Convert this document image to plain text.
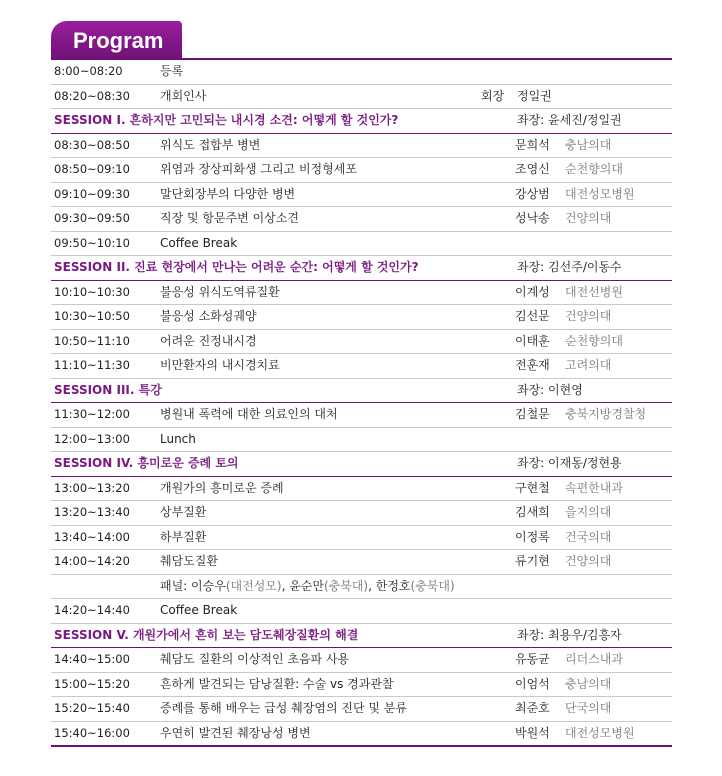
Program
8:00~08:20	등록
08:20~08:30	개회인사	회장 정일권
SESSION I. 흔하지만 고민되는 내시경 소견: 어떻게 할 것인가?	좌장: 윤세진/정일권
08:30~08:50	위식도 접합부 병변	문희석 충남의대
08:50~09:10	위염과 장상피화생 그리고 비정형세포	조영신 순천향의대
09:10~09:30	말단회장부의 다양한 병변	강상범 대전성모병원
09:30~09:50	직장 및 항문주변 이상소견	성낙송 건양의대
09:50~10:10	Coffee Break
SESSION II. 진료 현장에서 만나는 어려운 순간: 어떻게 할 것인가?	좌장: 김선주/이동수
10:10~10:30	불응성 위식도역류질환	이계성 대전선병원
10:30~10:50	불응성 소화성궤양	김선문 건양의대
10:50~11:10	어려운 진정내시경	이태훈 순천향의대
11:10~11:30	비만환자의 내시경치료	전훈재 고려의대
SESSION III. 특강	좌장: 이현영
11:30~12:00	병원내 폭력에 대한 의료인의 대처	김철문 충북지방경찰청
12:00~13:00	Lunch
SESSION IV. 흥미로운 증례 토의	좌장: 이재동/정현용
13:00~13:20	개원가의 흥미로운 증례	구현철 속편한내과
13:20~13:40	상부질환	김새희 을지의대
13:40~14:00	하부질환	이정록 건국의대
14:00~14:20	췌담도질환	류기현 건양의대
패널: 이승우(대전성모), 윤순만(충북대), 한정호(충북대)
14:20~14:40	Coffee Break
SESSION V. 개원가에서 흔히 보는 담도췌장질환의 해결	좌장: 최용우/김흥자
14:40~15:00	췌담도 질환의 이상적인 초음파 사용	유동균 리더스내과
15:00~15:20	흔하게 발견되는 담낭질환: 수술 vs 경과관찰	이엄석 충남의대
15:20~15:40	증례를 통해 배우는 급성 췌장염의 진단 및 분류	최준호 단국의대
15:40~16:00	우연히 발견된 췌장낭성 병변	박원석 대전성모병원
